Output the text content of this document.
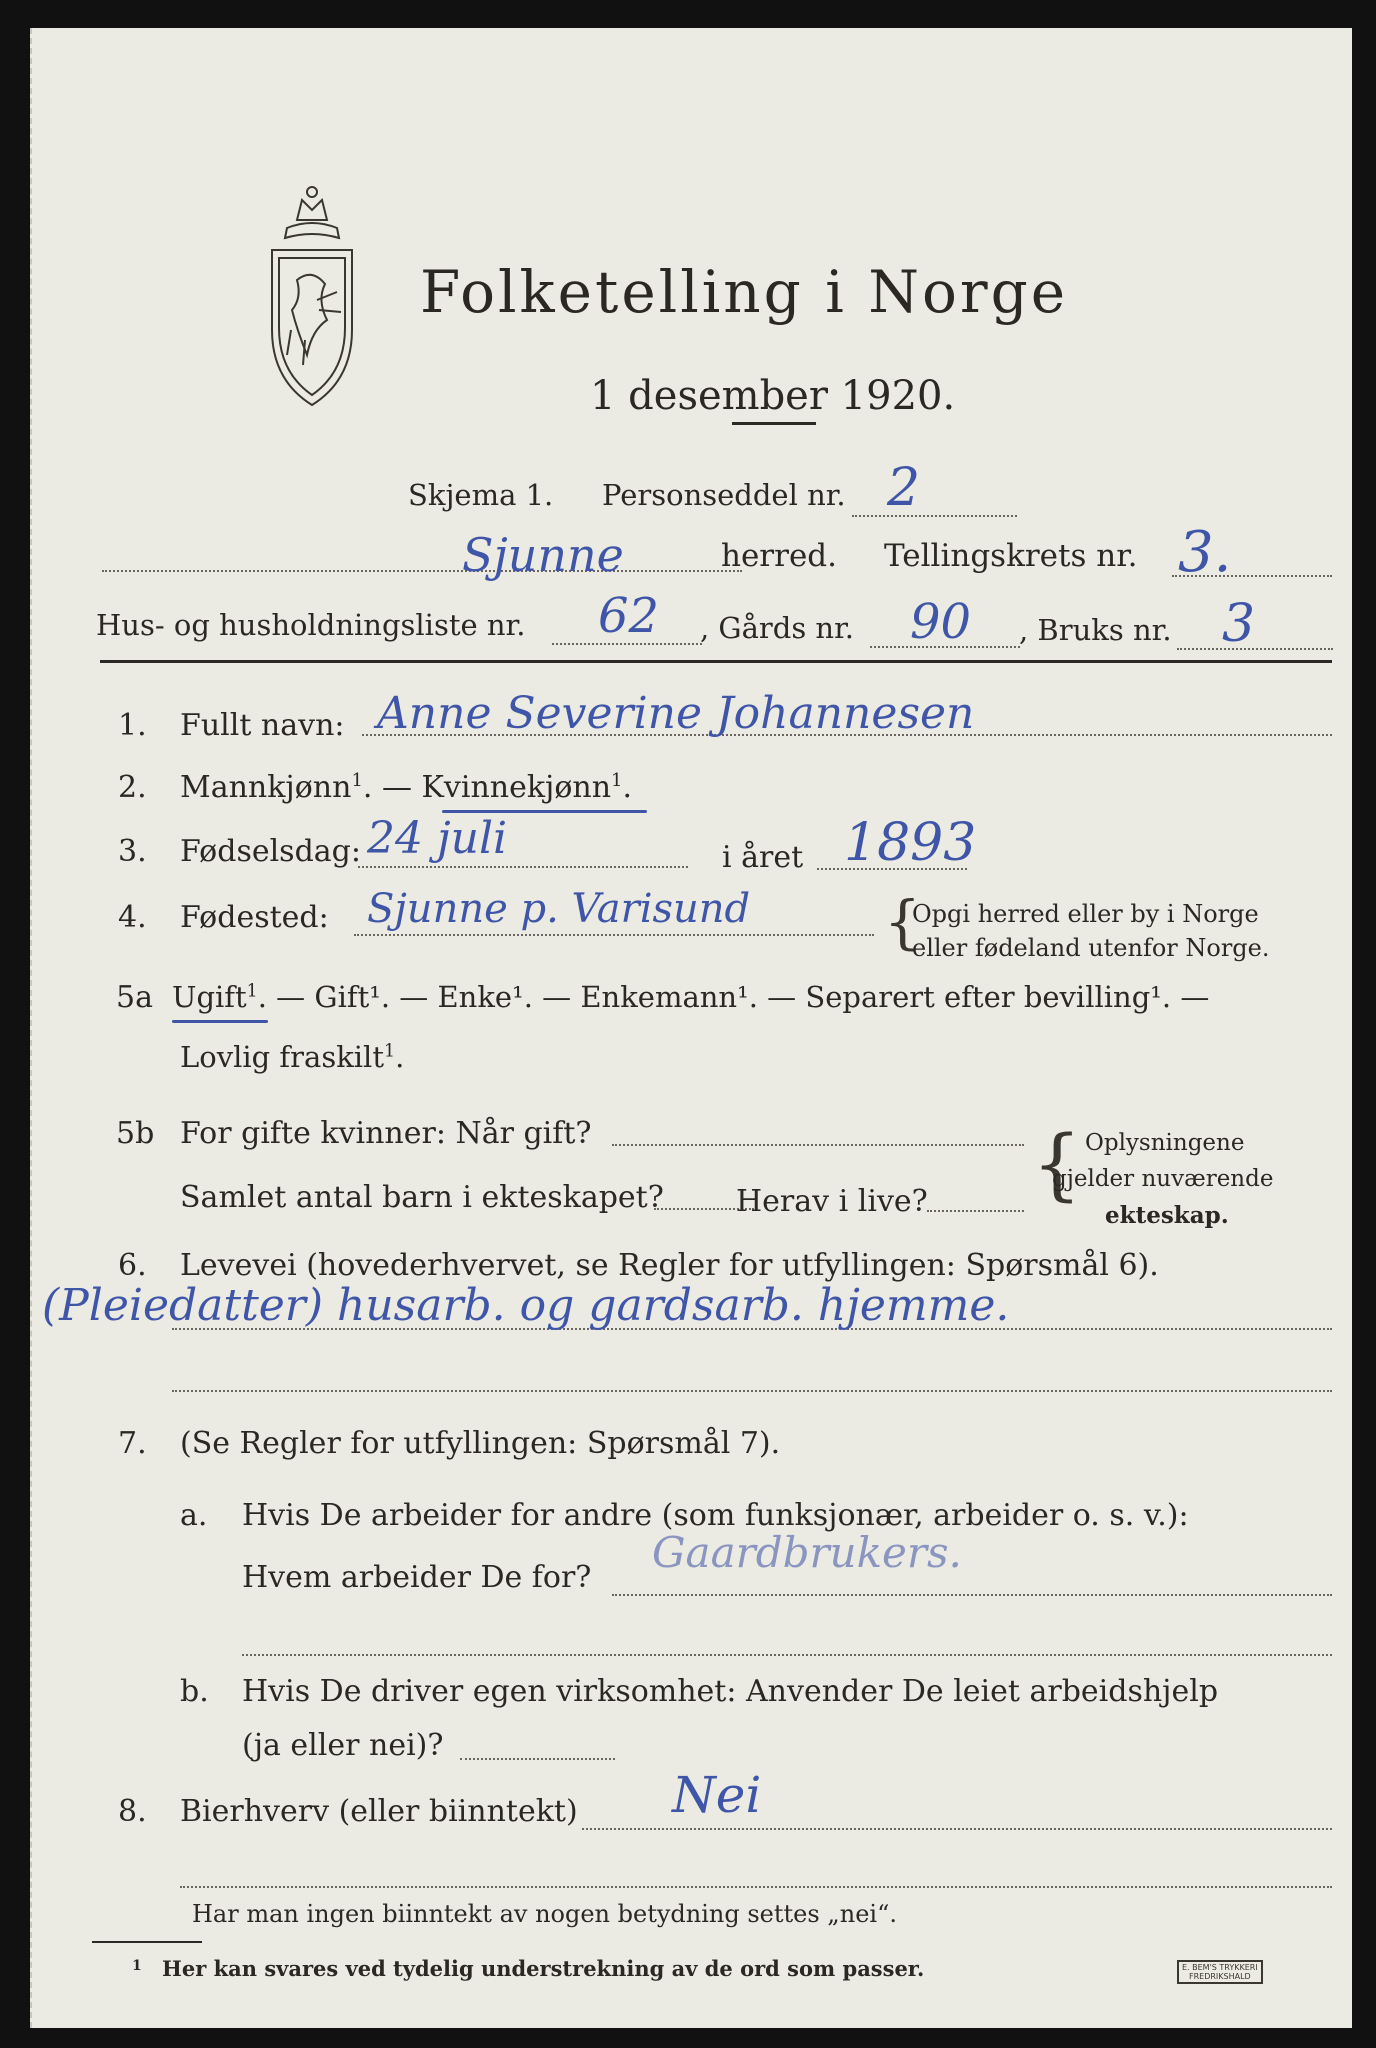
Folketelling i Norge
1 desember 1920.
Skjema 1. Personseddel nr. 2
Sjunne	herred. Tellingskrets nr. 3.
Hus- og husholdningsliste nr. 62 , Gårds nr. 90 , Bruks nr. 3
1. Fullt navn: Anne Severine Johannesen
2. Mannkjønn$^1$. — Kvinnekjønn$^1$.
3. Fødselsdag: 24 juli	i året 1893
4. Fødested: Sjunne p. Varisund {
Opgi herred eller by i Norge
eller fødeland utenfor Norge.
5a Ugift$^1$. — Gift¹. — Enke¹. — Enkemann¹. — Separert efter bevilling¹. —
Lovlig fraskilt$^1$.
5b For gifte kvinner: Når gift?
Samlet antal barn i ekteskapet? Herav i live? { Oplysningene
gjelder nuværende
ekteskap.
6. Levevei (hovederhvervet, se Regler for utfyllingen: Spørsmål 6).
(Pleiedatter) husarb. og gardsarb. hjemme.
7. (Se Regler for utfyllingen: Spørsmål 7).
a. Hvis De arbeider for andre (som funksjonær, arbeider o. s. v.):
Hvem arbeider De for?
Gaardbrukers.
b. Hvis De driver egen virksomhet: Anvender De leiet arbeidshjelp
(ja eller nei)?
8. Bierhverv (eller biinntekt) Nei
Har man ingen biinntekt av nogen betydning settes „nei“.
1 Her kan svares ved tydelig understrekning av de ord som passer.	E. BEM'S TRYKKERI
FREDRIKSHALD
